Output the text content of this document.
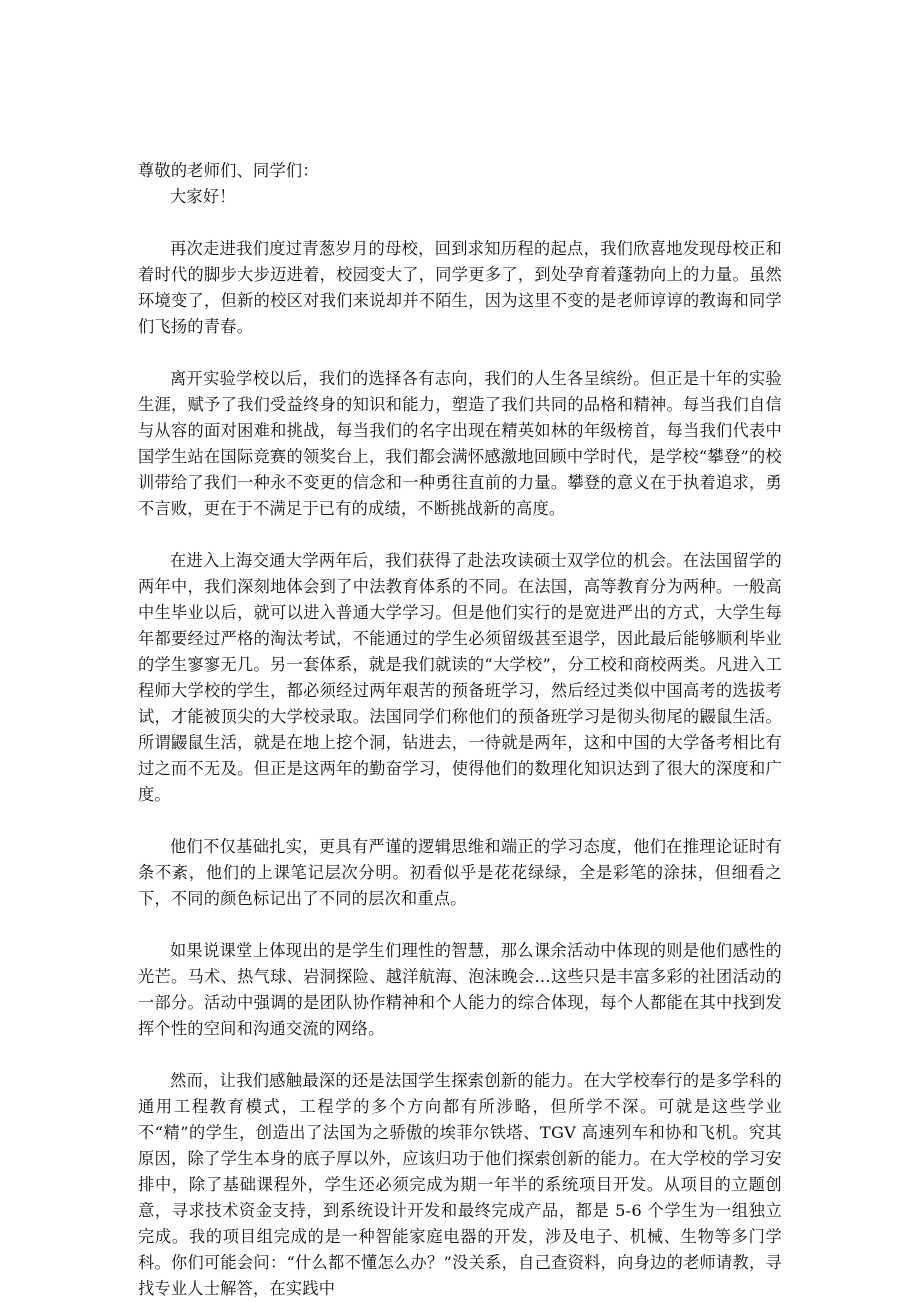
尊敬的老师们、同学们：

大家好！

再次走进我们度过青葱岁月的母校，回到求知历程的起点，我们欣喜地发现母校正和着时代的脚步大步迈进着，校园变大了，同学更多了，到处孕育着蓬勃向上的力量。虽然环境变了，但新的校区对我们来说却并不陌生，因为这里不变的是老师谆谆的教诲和同学们飞扬的青春。

离开实验学校以后，我们的选择各有志向，我们的人生各呈缤纷。但正是十年的实验生涯，赋予了我们受益终身的知识和能力，塑造了我们共同的品格和精神。每当我们自信与从容的面对困难和挑战，每当我们的名字出现在精英如林的年级榜首，每当我们代表中国学生站在国际竞赛的领奖台上，我们都会满怀感激地回顾中学时代，是学校“攀登”的校训带给了我们一种永不变更的信念和一种勇往直前的力量。攀登的意义在于执着追求，勇不言败，更在于不满足于已有的成绩，不断挑战新的高度。

在进入上海交通大学两年后，我们获得了赴法攻读硕士双学位的机会。在法国留学的两年中，我们深刻地体会到了中法教育体系的不同。在法国，高等教育分为两种。一般高中生毕业以后，就可以进入普通大学学习。但是他们实行的是宽进严出的方式，大学生每年都要经过严格的淘汰考试，不能通过的学生必须留级甚至退学，因此最后能够顺利毕业的学生寥寥无几。另一套体系，就是我们就读的“大学校”，分工校和商校两类。凡进入工程师大学校的学生，都必须经过两年艰苦的预备班学习，然后经过类似中国高考的选拔考试，才能被顶尖的大学校录取。法国同学们称他们的预备班学习是彻头彻尾的鼹鼠生活。所谓鼹鼠生活，就是在地上挖个洞，钻进去，一待就是两年，这和中国的大学备考相比有过之而不无及。但正是这两年的勤奋学习，使得他们的数理化知识达到了很大的深度和广度。

他们不仅基础扎实，更具有严谨的逻辑思维和端正的学习态度，他们在推理论证时有条不紊，他们的上课笔记层次分明。初看似乎是花花绿绿，全是彩笔的涂抹，但细看之下，不同的颜色标记出了不同的层次和重点。

如果说课堂上体现出的是学生们理性的智慧，那么课余活动中体现的则是他们感性的光芒。马术、热气球、岩洞探险、越洋航海、泡沫晚会…这些只是丰富多彩的社团活动的一部分。活动中强调的是团队协作精神和个人能力的综合体现，每个人都能在其中找到发挥个性的空间和沟通交流的网络。

然而，让我们感触最深的还是法国学生探索创新的能力。在大学校奉行的是多学科的通用工程教育模式，工程学的多个方向都有所涉略，但所学不深。可就是这些学业不“精”的学生，创造出了法国为之骄傲的埃菲尔铁塔、TGV 高速列车和协和飞机。究其原因，除了学生本身的底子厚以外，应该归功于他们探索创新的能力。在大学校的学习安排中，除了基础课程外，学生还必须完成为期一年半的系统项目开发。从项目的立题创意，寻求技术资金支持，到系统设计开发和最终完成产品，都是 5-6 个学生为一组独立完成。我的项目组完成的是一种智能家庭电器的开发，涉及电子、机械、生物等多门学科。你们可能会问：“什么都不懂怎么办？”没关系，自己查资料，向身边的老师请教，寻找专业人士解答，在实践中
